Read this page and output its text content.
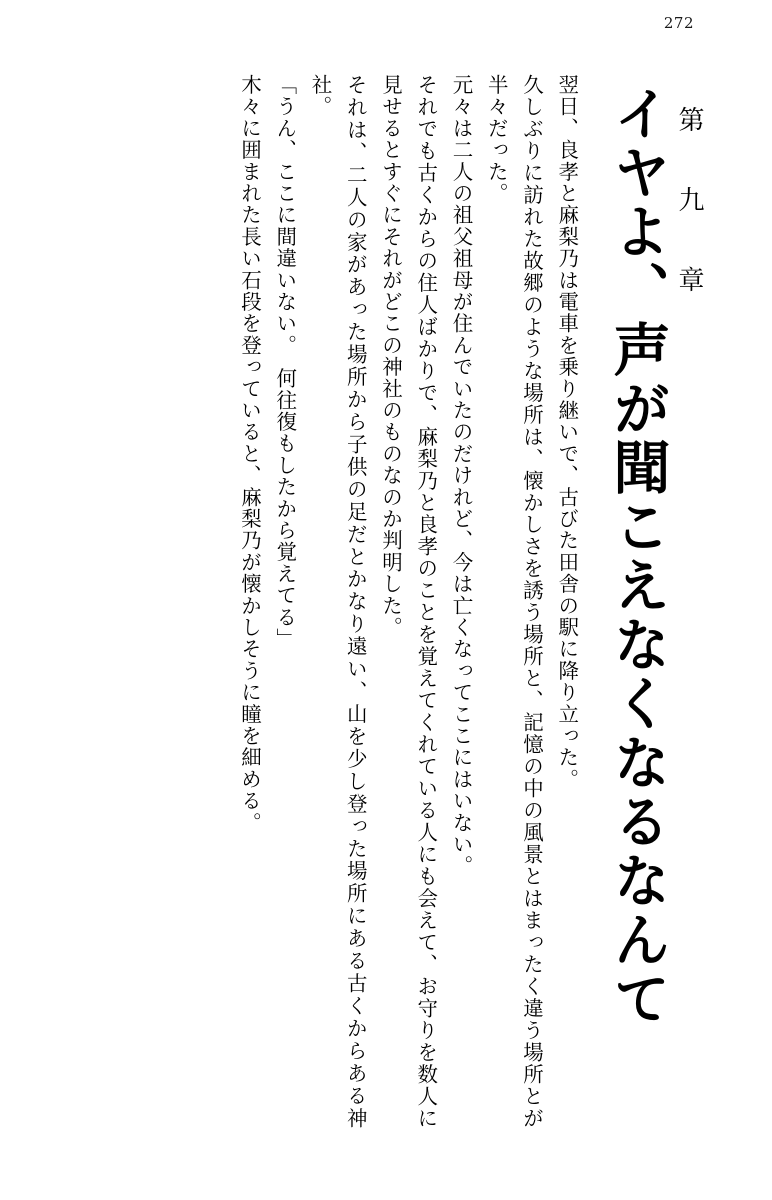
272
第 九 章
イヤよ、声が聞こえなくなるなんて

翌日、良孝と麻梨乃は電車を乗り継いで、古びた田舎の駅に降り立った。

久しぶりに訪れた故郷のような場所は、懐かしさを誘う場所と、記憶の中の風景とはまったく違う場所とが半々だった。

元々は二人の祖父祖母が住んでいたのだけれど、今は亡くなってここにはいない。

それでも古くからの住人ばかりで、麻梨乃と良孝のことを覚えてくれている人にも会えて、お守りを数人に見せるとすぐにそれがどこの神社のものなのか判明した。

それは、二人の家があった場所から子供の足だとかなり遠い、山を少し登った場所にある古くからある神社。

「うん、ここに間違いない。　何往復もしたから覚えてる」

木々に囲まれた長い石段を登っていると、麻梨乃が懐かしそうに瞳を細める。
